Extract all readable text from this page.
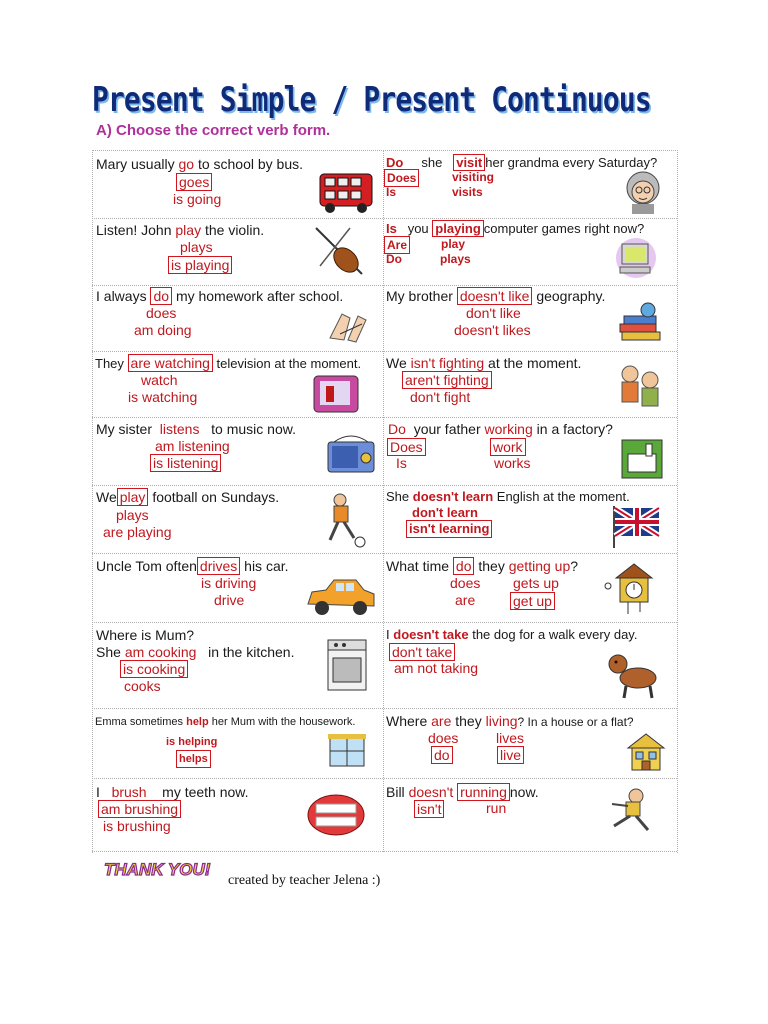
Present Simple / Present Continuous
A) Choose the correct verb form.
Mary usually go to school by bus.
goes
is going
Do she visit her grandma every Saturday?
Does	visiting
Is	visits
Listen! John play the violin.
plays
is playing
Is you playing computer games right now?
Are	play
Do	plays
I always do my homework after school.
does
am doing
My brother doesn't like geography.
don't like
doesn't likes
They are watching television at the moment.
watch
is watching
We isn't fighting at the moment.
aren't fighting
don't fight
My sister listens to music now.
am listening
is listening
Do your father working in a factory?
Does	work
Is	works
We play football on Sundays.
plays
are playing
She doesn't learn English at the moment.
don't learn
isn't learning
Uncle Tom often drives his car.
is driving
drive
What time do they getting up?
does gets up
are	get up
Where is Mum?
She am cooking in the kitchen.
is cooking
cooks
I doesn't take the dog for a walk every day.
don't take
am not taking
Emma sometimes help her Mum with the housework.
is helping
helps
Where are they living? In a house or a flat?
does	lives
do	live
I brush my teeth now.
am brushing
is brushing
Bill doesn't running now.
isn't	run
THANK YOU!
created by teacher Jelena :)
